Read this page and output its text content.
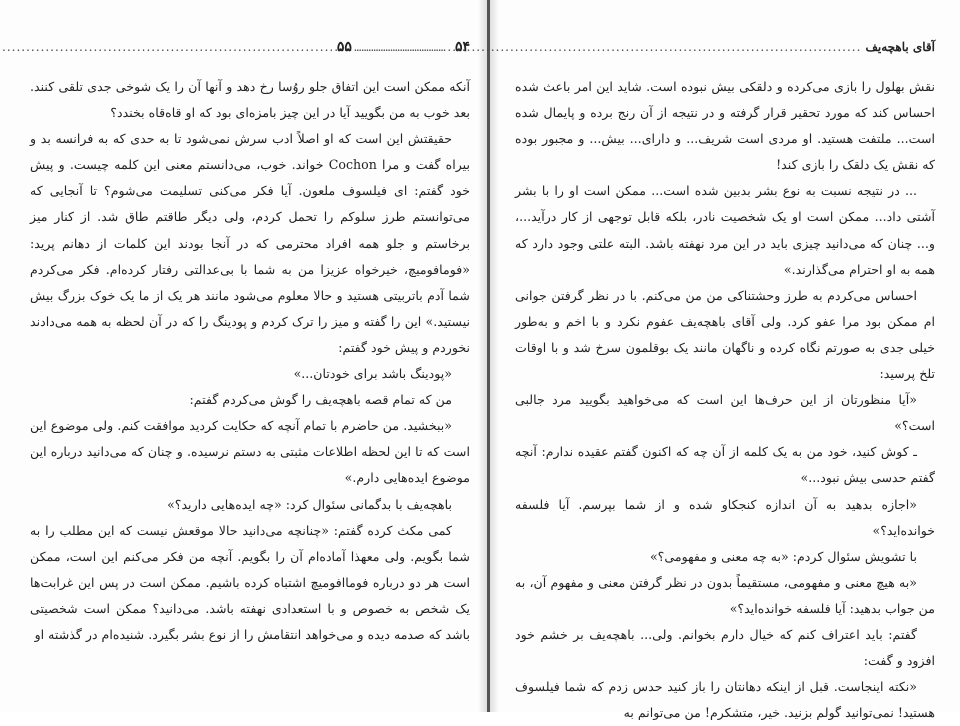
۵۴
.....

آنکه ممکن است این اتفاق جلو روُسا رخ دهد و آنها آن را یک شوخی جدی تلقی کنند. بعد خوب به من بگویید آیا در این چیز بامزه‌ای بود که او قاه‌قاه بخندد؟

حقیقتش این است که او اصلاً ادب سرش نمی‌شود تا به حدی که به فرانسه بد و بیراه گفت و مرا Cochon خواند. خوب، می‌دانستم معنی این کلمه چیست. و پیش خود گفتم: ای فیلسوف ملعون. آیا فکر می‌کنی تسلیمت می‌شوم؟ تا آنجایی که می‌توانستم طرز سلوکم را تحمل کردم، ولی دیگر طاقتم طاق شد. از کنار میز برخاستم و جلو همه افراد محترمی که در آنجا بودند این کلمات از دهانم پرید: «فومافومیچ، خیرخواه عزیزا من به شما با بی‌عدالتی رفتار کرده‌ام. فکر می‌کردم شما آدم باتربیتی هستید و حالا معلوم می‌شود مانند هر یک از ما یک خوک بزرگ بیش نیستید.» این را گفته و میز را ترک کردم و پودینگ را که در آن لحظه به همه می‌دادند نخوردم و پیش خود گفتم:

«پودینگ باشد برای خودتان...»

من که تمام قصه باهچه‌یف را گوش می‌کردم گفتم:

«ببخشید. من حاضرم با تمام آنچه که حکایت کردید موافقت کنم. ولی موضوع این است که تا این لحظه اطلاعات مثبتی به دستم نرسیده. و چنان که می‌دانید درباره این موضوع ایده‌هایی دارم.»

باهچه‌یف با بدگمانی سئوال کرد: «چه ایده‌هایی دارید؟»

کمی مکث کرده گفتم: «چنانچه می‌دانید حالا موقعش نیست که این مطلب را به شما بگویم. ولی معهذا آماده‌ام آن را بگویم. آنچه من فکر می‌کنم این است، ممکن است هر دو درباره فوماافومیچ اشتباه کرده باشیم. ممکن است در پس این غرابت‌ها یک شخص به خصوص و با استعدادی نهفته باشد. می‌دانید؟ ممکن است شخصیتی باشد که صدمه دیده و می‌خواهد انتقامش را از نوع بشر بگیرد. شنیده‌ام در گذشته او

آقای باهچه‌یف
.....
۵۵

نقش بهلول را بازی می‌کرده و دلقکی بیش نبوده است. شاید این امر باعث شده احساس کند که مورد تحقیر قرار گرفته و در نتیجه از آن رنج برده و پایمال شده است... ملتفت هستید. او مردی است شریف... و دارای... بیش... و مجبور بوده که نقش یک دلقک را بازی کند!

... در نتیجه نسبت به نوع بشر بدبین شده است... ممکن است او را با بشر آشتی داد... ممکن است او یک شخصیت نادر، بلکه قابل توجهی از کار درآید...، و... چنان که می‌دانید چیزی باید در این مرد نهفته باشد. البته علتی وجود دارد که همه به او احترام می‌گذارند.»

احساس می‌کردم به طرز وحشتناکی من من می‌کنم. با در نظر گرفتن جوانی ام ممکن بود مرا عفو کرد. ولی آقای باهچه‌یف عفوم نکرد و با اخم و به‌طور خیلی جدی به صورتم نگاه کرده و ناگهان مانند یک بوقلمون سرخ شد و با اوقات تلخ پرسید:

«آیا منظورتان از این حرف‌ها این است که می‌خواهید بگویید مرد جالبی است؟»

ـ کوش کنید، خود من به یک کلمه از آن چه که اکنون گفتم عقیده ندارم: آنچه گفتم حدسی بیش نبود...»

«اجازه بدهید به آن اندازه کنجکاو شده و از شما بپرسم. آیا فلسفه خوانده‌اید؟»

با تشویش سئوال کردم: «به چه معنی و مفهومی؟»

«به هیچ معنی و مفهومی، مستقیماً بدون در نظر گرفتن معنی و مفهوم آن، به من جواب بدهید: آیا فلسفه خوانده‌اید؟»

گفتم: باید اعتراف کنم که خیال دارم بخوانم. ولی... باهچه‌یف بر خشم خود افزود و گفت:

«نکته اینجاست. قبل از اینکه دهانتان را باز کنید حدس زدم که شما فیلسوف هستید! نمی‌توانید گولم بزنید. خیر، متشکرم! من می‌توانم به
